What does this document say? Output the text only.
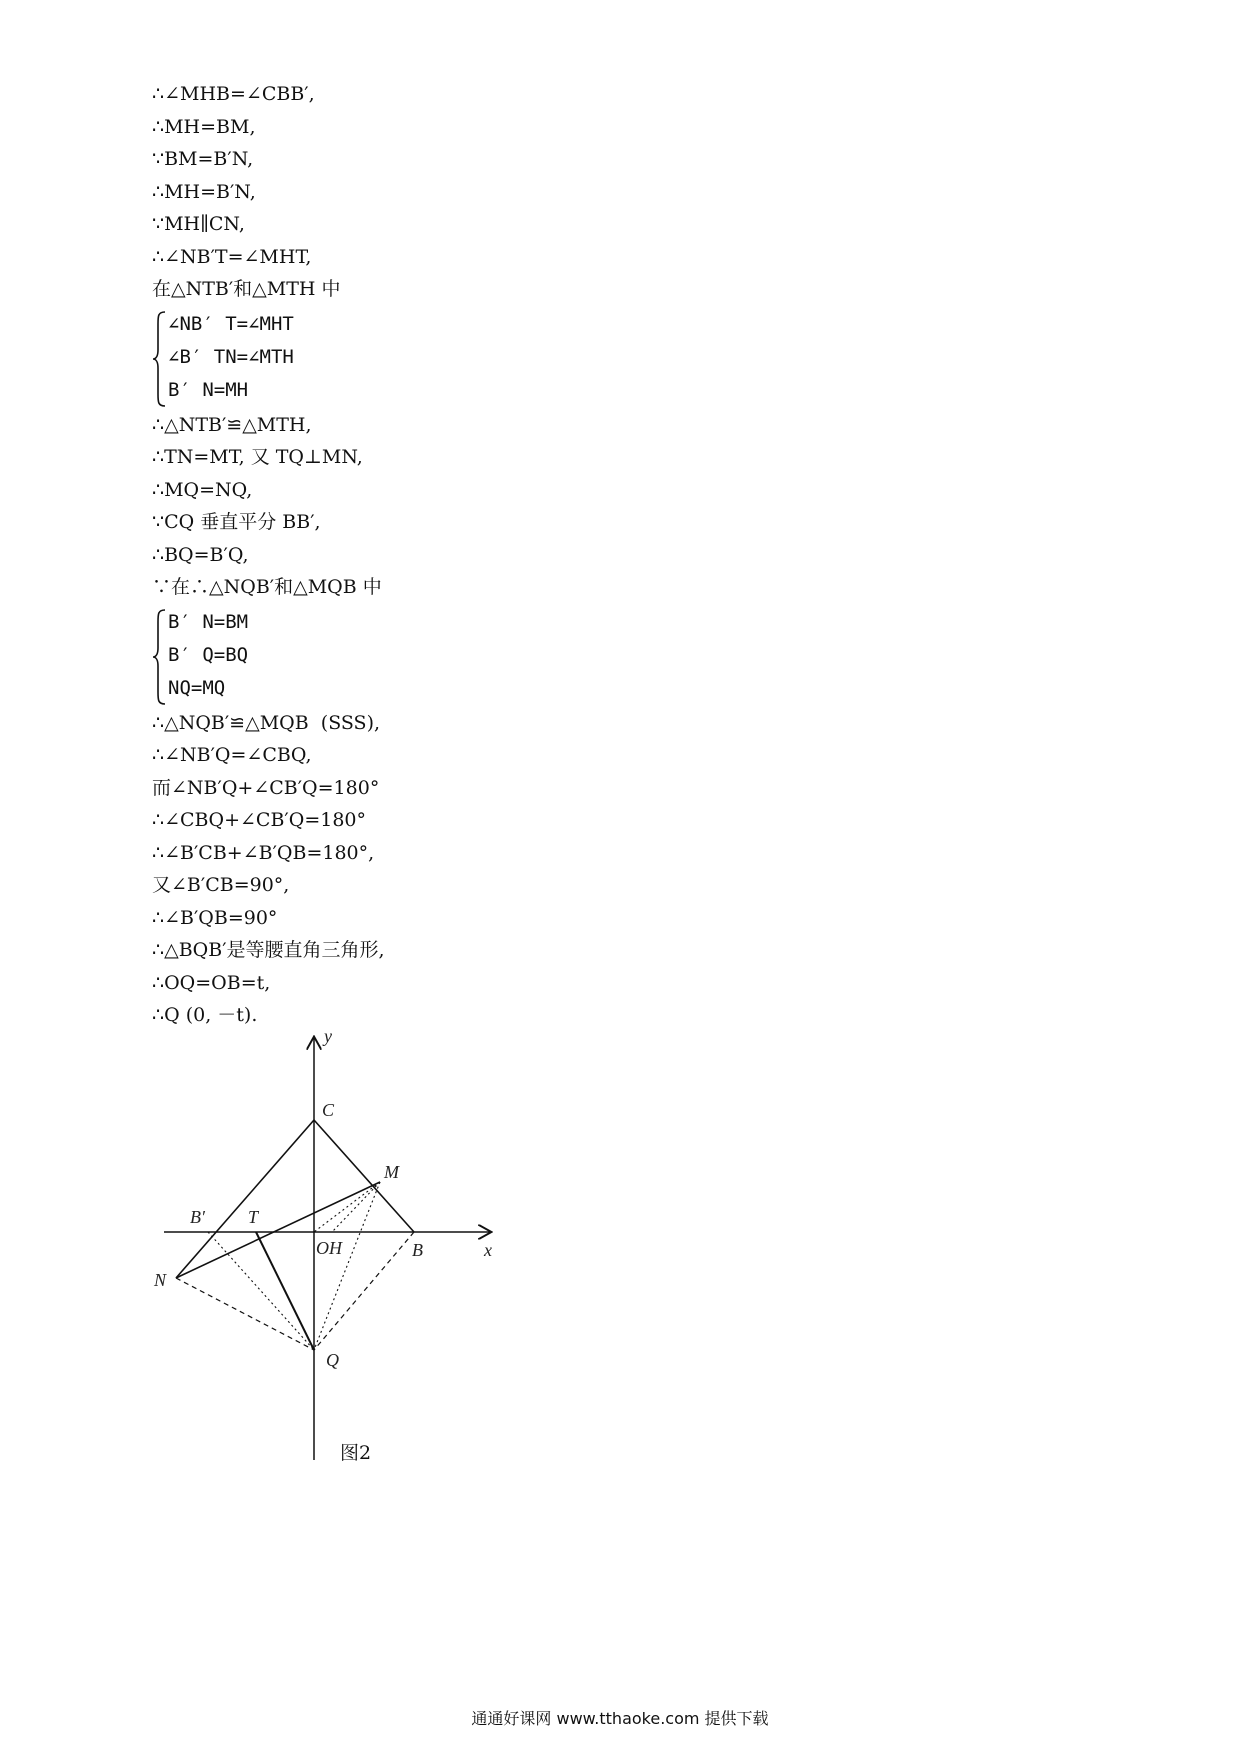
∴∠MHB=∠CBB′,
∴MH=BM,
∵BM=B′N,
∴MH=B′N,
∵MH∥CN,
∴∠NB′T=∠MHT,
在△NTB′和△MTH 中
∠NB′ T=∠MHT
∠B′ TN=∠MTH
B′ N=MH
∴△NTB′≌△MTH,
∴TN=MT, 又 TQ⊥MN,
∴MQ=NQ,
∵CQ 垂直平分 BB′,
∴BQ=B′Q,
∵在∴△NQB′和△MQB 中
B′ N=BM
B′ Q=BQ
NQ=MQ
∴△NQB′≌△MQB  (SSS),
∴∠NB′Q=∠CBQ,
而∠NB′Q+∠CB′Q=180°
∴∠CBQ+∠CB′Q=180°
∴∠B′CB+∠B′QB=180°,
又∠B′CB=90°,
∴∠B′QB=90°
∴△BQB′是等腰直角三角形,
∴OQ=OB=t,
∴Q (0, －t).
y
x
C
M
B′ T
OH	B
N
Q
图2
通通好课网 www.tthaoke.com 提供下载
